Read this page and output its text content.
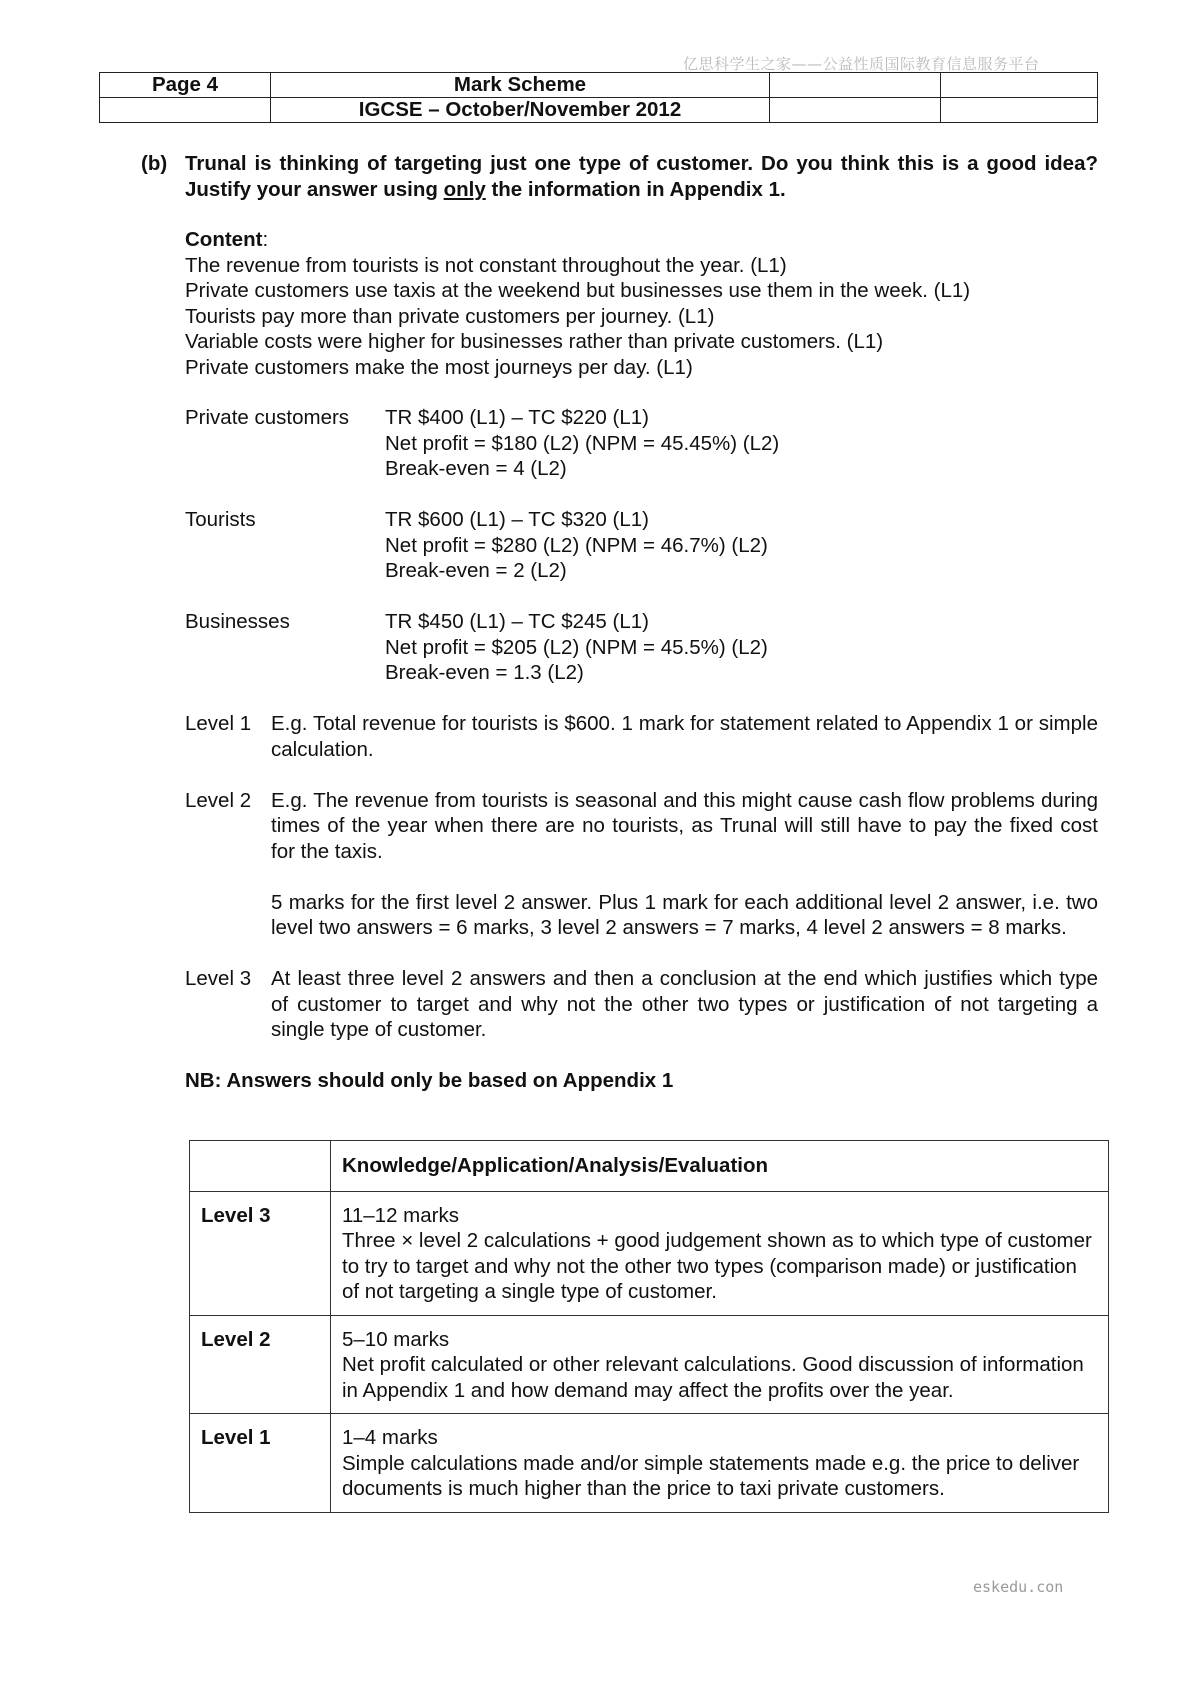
亿思科学生之家——公益性质国际教育信息服务平台
Page 4	Mark Scheme		
	IGCSE – October/November 2012		
(b) Trunal is thinking of targeting just one type of customer. Do you think this is a good idea? Justify your answer using only the information in Appendix 1.
Content:
The revenue from tourists is not constant throughout the year. (L1)
Private customers use taxis at the weekend but businesses use them in the week. (L1)
Tourists pay more than private customers per journey. (L1)
Variable costs were higher for businesses rather than private customers. (L1)
Private customers make the most journeys per day. (L1)
Private customers	TR $400 (L1) – TC $220 (L1)
Net profit = $180 (L2) (NPM = 45.45%) (L2)
Break-even = 4 (L2)
Tourists	TR $600 (L1) – TC $320 (L1)
Net profit = $280 (L2) (NPM = 46.7%) (L2)
Break-even = 2 (L2)
Businesses	TR $450 (L1) – TC $245 (L1)
Net profit = $205 (L2) (NPM = 45.5%) (L2)
Break-even = 1.3 (L2)
Level 1 E.g. Total revenue for tourists is $600. 1 mark for statement related to Appendix 1 or simple calculation.

Level 2 E.g. The revenue from tourists is seasonal and this might cause cash flow problems during times of the year when there are no tourists, as Trunal will still have to pay the fixed cost for the taxis.

5 marks for the first level 2 answer. Plus 1 mark for each additional level 2 answer, i.e. two level two answers = 6 marks, 3 level 2 answers = 7 marks, 4 level 2 answers = 8 marks.

Level 3 At least three level 2 answers and then a conclusion at the end which justifies which type of customer to target and why not the other two types or justification of not targeting a single type of customer.

NB: Answers should only be based on Appendix 1
	Knowledge/Application/Analysis/Evaluation
Level 3	11–12 marks
Three × level 2 calculations + good judgement shown as to which type of customer to try to target and why not the other two types (comparison made) or justification of not targeting a single type of customer.

Level 2	5–10 marks
Net profit calculated or other relevant calculations. Good discussion of information in Appendix 1 and how demand may affect the profits over the year.

Level 1	1–4 marks
Simple calculations made and/or simple statements made e.g. the price to deliver documents is much higher than the price to taxi private customers.
eskedu.con
